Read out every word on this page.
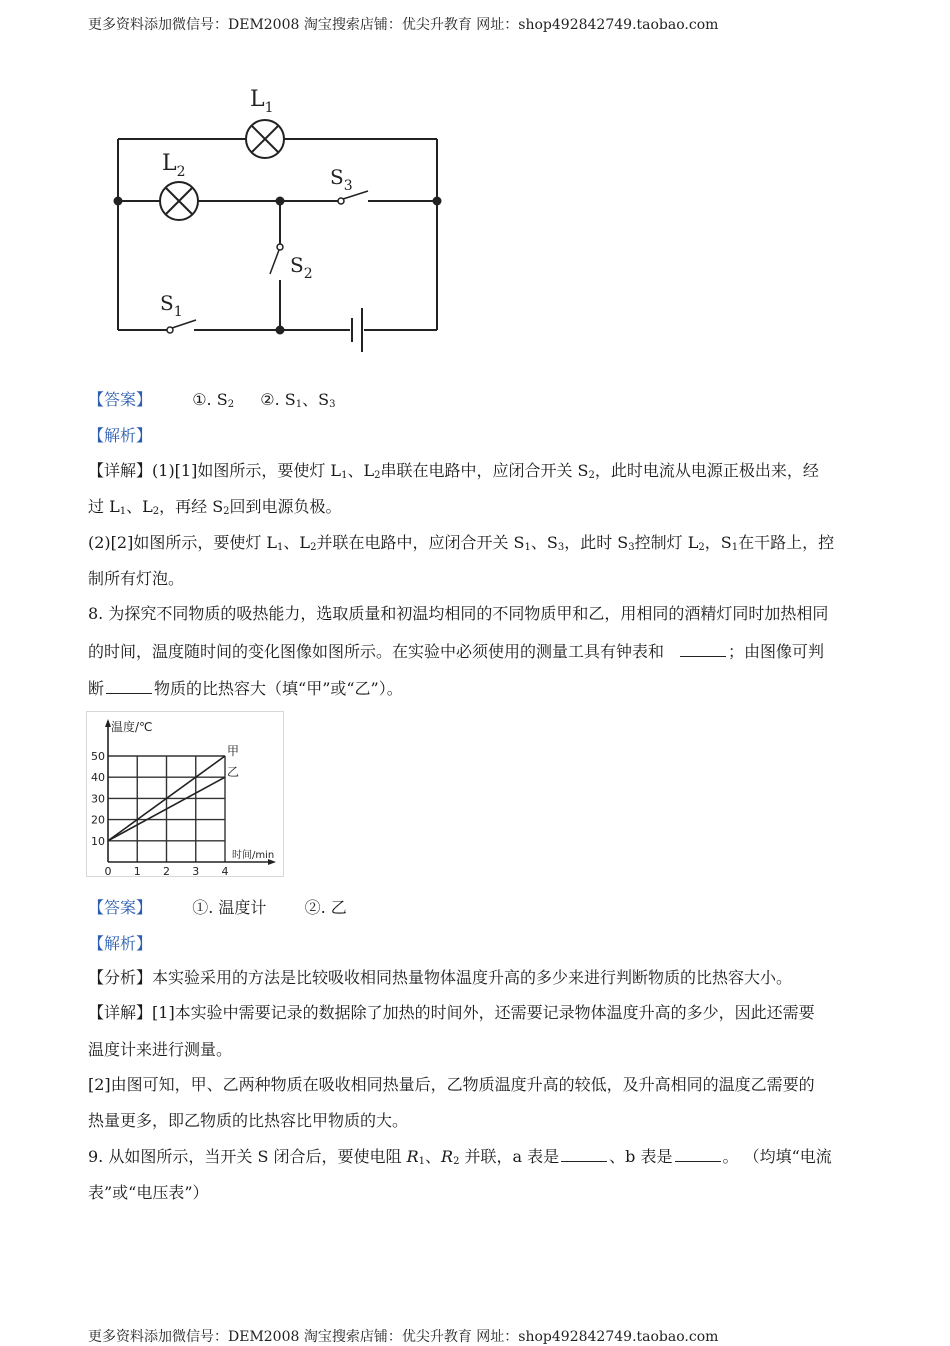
更多资料添加微信号：DEM2008 淘宝搜索店铺：优尖升教育 网址：shop492842749.taobao.com
$L_1$
$L_2$	$S_3$
$S_2$
$S_1$
【答案】	①. $S_2$ ②. $S_1$、$S_3$
【解析】
【详解】(1)[1]如图所示，要使灯 $L_1$、$L_2$串联在电路中，应闭合开关 $S_2$，此时电流从电源正极出来，经
过 $L_1$、$L_2$，再经 $S_2$回到电源负极。
(2)[2]如图所示，要使灯 $L_1$、$L_2$并联在电路中，应闭合开关 $S_1$、$S_3$，此时 $S_3$控制灯 $L_2$，$S_1$在干路上，控
制所有灯泡。
8. 为探究不同物质的吸热能力，选取质量和初温均相同的不同物质甲和乙，用相同的酒精灯同时加热相同
的时间，温度随时间的变化图像如图所示。在实验中必须使用的测量工具有钟表和	；由图像可判
断	物质的比热容大（填“甲”或“乙”）。
甲
乙
10
20
30
40
50
0 1 2 3 4
温度/℃
时间/min
【答案】	①. 温度计 ②. 乙
【解析】
【分析】本实验采用的方法是比较吸收相同热量物体温度升高的多少来进行判断物质的比热容大小。
【详解】[1]本实验中需要记录的数据除了加热的时间外，还需要记录物体温度升高的多少，因此还需要
温度计来进行测量。
[2]由图可知，甲、乙两种物质在吸收相同热量后，乙物质温度升高的较低，及升高相同的温度乙需要的
热量更多，即乙物质的比热容比甲物质的大。
9. 从如图所示，当开关 S 闭合后，要使电阻 $R_1$、$R_2$ 并联，a 表是	、b 表是	。 （均填“电流
表”或“电压表”）
更多资料添加微信号：DEM2008 淘宝搜索店铺：优尖升教育 网址：shop492842749.taobao.com
